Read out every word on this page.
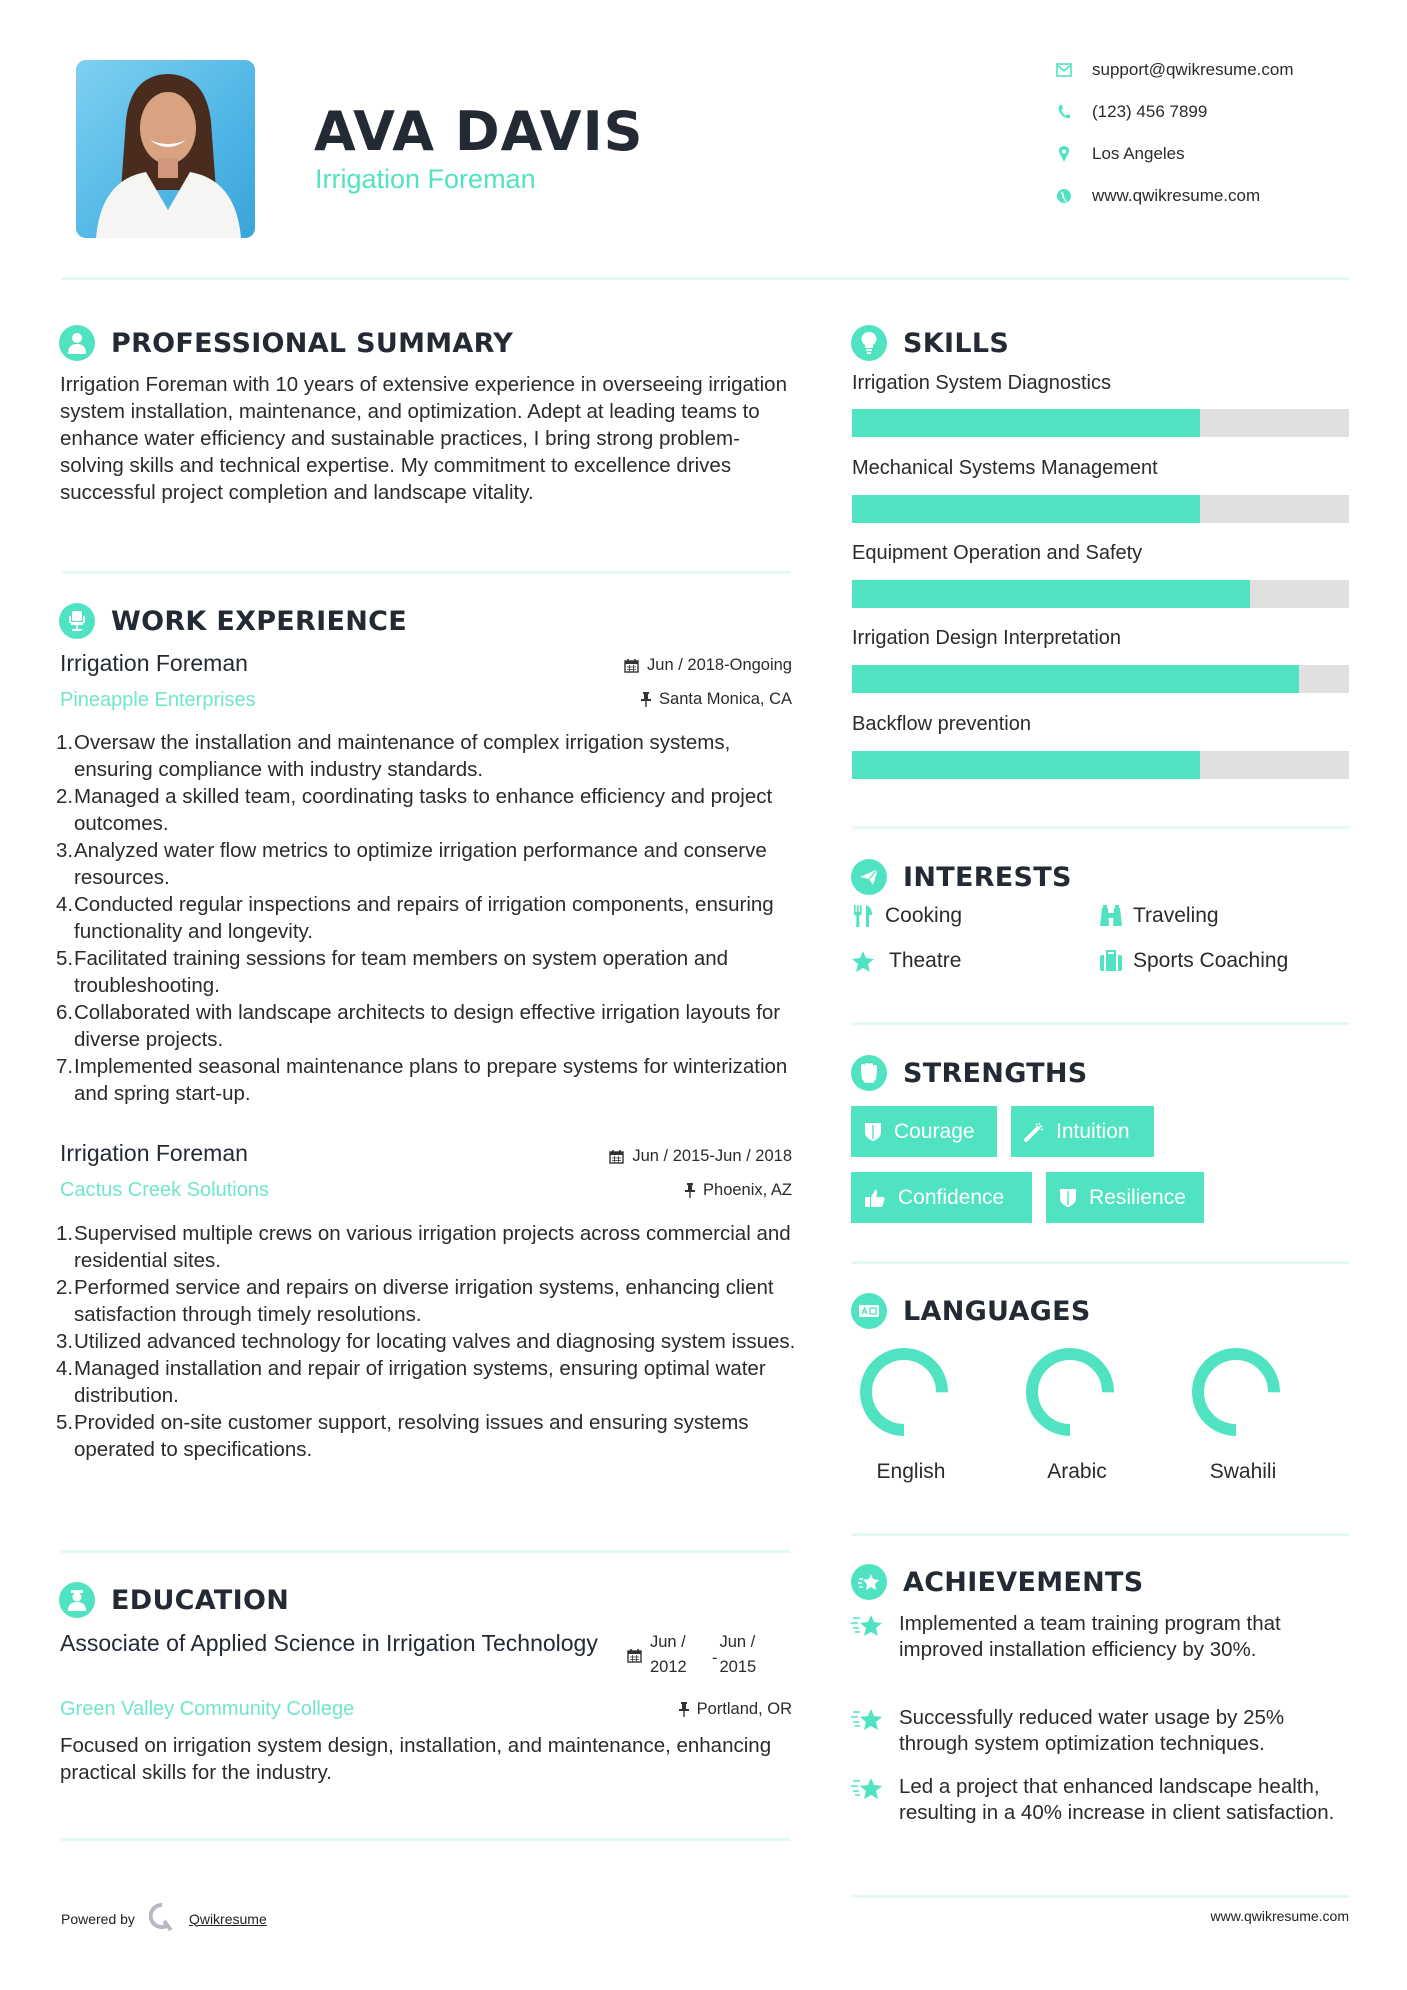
AVA DAVIS
Irrigation Foreman
support@qwikresume.com
(123) 456 7899
Los Angeles
www.qwikresume.com
PROFESSIONAL SUMMARY
Irrigation Foreman with 10 years of extensive experience in overseeing irrigation system installation, maintenance, and optimization. Adept at leading teams to enhance water efficiency and sustainable practices, I bring strong problem-solving skills and technical expertise. My commitment to excellence drives successful project completion and landscape vitality.
WORK EXPERIENCE
Irrigation Foreman	Jun / 2018-Ongoing
Pineapple Enterprises	Santa Monica, CA
1. Oversaw the installation and maintenance of complex irrigation systems, ensuring compliance with industry standards.
2. Managed a skilled team, coordinating tasks to enhance efficiency and project outcomes.
3. Analyzed water flow metrics to optimize irrigation performance and conserve resources.
4. Conducted regular inspections and repairs of irrigation components, ensuring functionality and longevity.
5. Facilitated training sessions for team members on system operation and troubleshooting.
6. Collaborated with landscape architects to design effective irrigation layouts for diverse projects.
7. Implemented seasonal maintenance plans to prepare systems for winterization and spring start-up.
Irrigation Foreman	Jun / 2015-Jun / 2018
Cactus Creek Solutions	Phoenix, AZ
1. Supervised multiple crews on various irrigation projects across commercial and residential sites.
2. Performed service and repairs on diverse irrigation systems, enhancing client satisfaction through timely resolutions.
3. Utilized advanced technology for locating valves and diagnosing system issues.
4. Managed installation and repair of irrigation systems, ensuring optimal water distribution.
5. Provided on-site customer support, resolving issues and ensuring systems operated to specifications.
EDUCATION
Associate of Applied Science in Irrigation Technology	Jun /
2012
-
Jun /
2015
Green Valley Community College	Portland, OR
Focused on irrigation system design, installation, and maintenance, enhancing practical skills for the industry.
Powered by	Qwikresume
SKILLS
Irrigation System Diagnostics
Mechanical Systems Management
Equipment Operation and Safety
Irrigation Design Interpretation
Backflow prevention
INTERESTS
Cooking	Traveling
Theatre	Sports Coaching
STRENGTHS
Courage	Intuition
Confidence	Resilience
LANGUAGES
English	Arabic	Swahili
ACHIEVEMENTS
Implemented a team training program that improved installation efficiency by 30%.
Successfully reduced water usage by 25% through system optimization techniques.
Led a project that enhanced landscape health, resulting in a 40% increase in client satisfaction.
www.qwikresume.com
